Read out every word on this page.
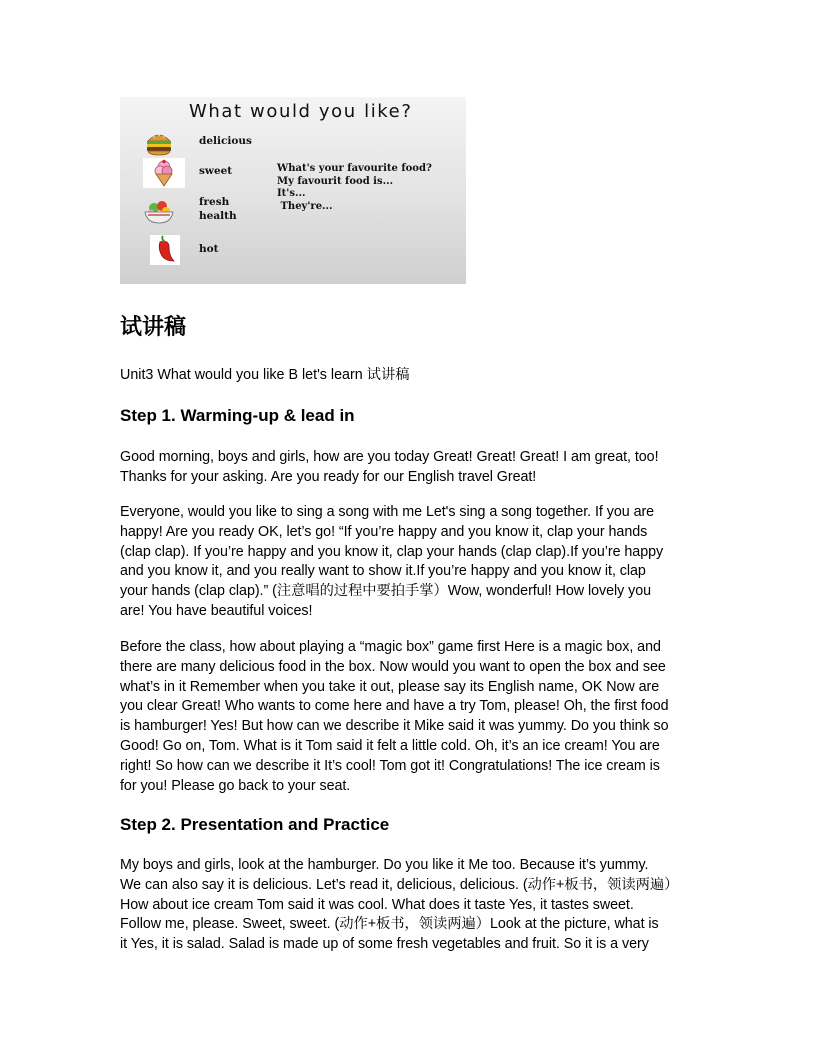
What would you like?
delicious
sweet
fresh
health
hot
What's your favourite food?
My favourit food is...
It's...
They're...
试讲稿

Unit3 What would you like B let's learn 试讲稿

Step 1. Warming-up & lead in

Good morning, boys and girls, how are you today Great! Great! Great! I am great, too!
Thanks for your asking. Are you ready for our English travel Great!

Everyone, would you like to sing a song with me Let's sing a song together. If you are
happy! Are you ready OK, let’s go! “If you’re happy and you know it, clap your hands
(clap clap). If you’re happy and you know it, clap your hands (clap clap).If you’re happy
and you know it, and you really want to show it.If you’re happy and you know it, clap
your hands (clap clap).” (注意唱的过程中要拍手掌）Wow, wonderful! How lovely you
are! You have beautiful voices!

Before the class, how about playing a “magic box” game first Here is a magic box, and
there are many delicious food in the box. Now would you want to open the box and see
what’s in it Remember when you take it out, please say its English name, OK Now are
you clear Great! Who wants to come here and have a try Tom, please! Oh, the first food
is hamburger! Yes! But how can we describe it Mike said it was yummy. Do you think so
Good! Go on, Tom. What is it Tom said it felt a little cold. Oh, it’s an ice cream! You are
right! So how can we describe it It’s cool! Tom got it! Congratulations! The ice cream is
for you! Please go back to your seat.

Step 2. Presentation and Practice

My boys and girls, look at the hamburger. Do you like it Me too. Because it’s yummy.
We can also say it is delicious. Let’s read it, delicious, delicious. (动作+板书，领读两遍）
How about ice cream Tom said it was cool. What does it taste Yes, it tastes sweet.
Follow me, please. Sweet, sweet. (动作+板书，领读两遍）Look at the picture, what is
it Yes, it is salad. Salad is made up of some fresh vegetables and fruit. So it is a very
